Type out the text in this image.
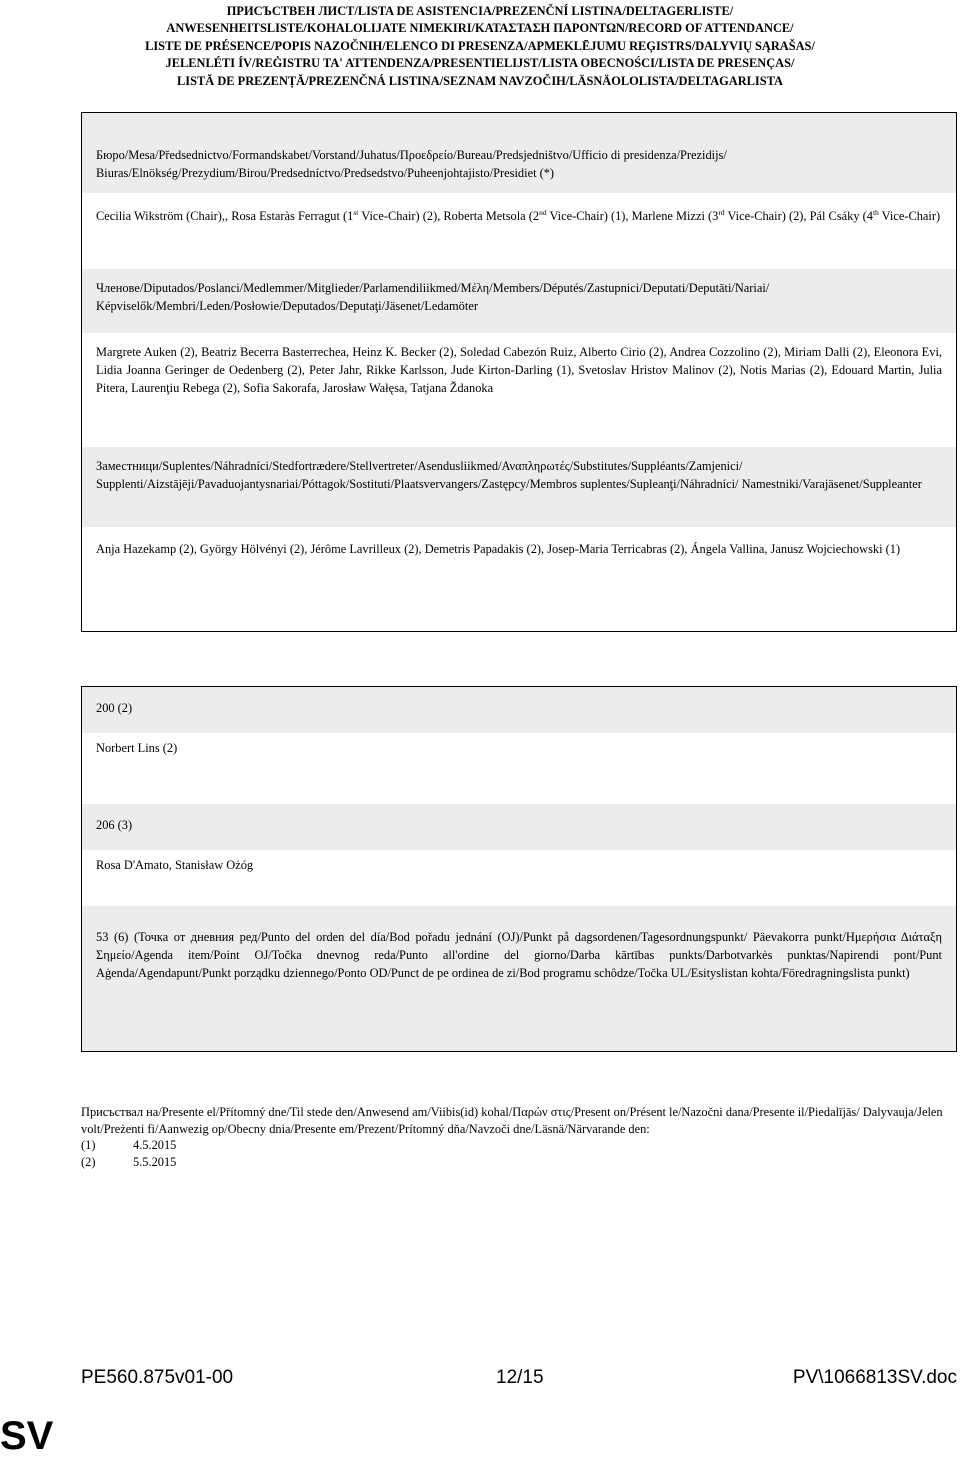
ПРИСЪСТВЕН ЛИСТ/LISTA DE ASISTENCIA/PREZENČNÍ LISTINA/DELTAGERLISTE/
ANWESENHEITSLISTE/KOHALOLIJATE NIMEKIRI/ΚΑΤΑΣΤΑΣΗ ΠΑΡΟΝΤΩΝ/RECORD OF ATTENDANCE/
LISTE DE PRÉSENCE/POPIS NAZOČNIH/ELENCO DI PRESENZA/APMEKLĒJUMU REĢISTRS/DALYVIŲ SĄRAŠAS/
JELENLÉTI ÍV/REĠISTRU TA' ATTENDENZA/PRESENTIELIJST/LISTA OBECNOŚCI/LISTA DE PRESENÇAS/
LISTĂ DE PREZENȚĂ/PREZENČNÁ LISTINA/SEZNAM NAVZOČIH/LÄSNÄOLOLISTA/DELTAGARLISTA
Бюро/Mesa/Předsednictvo/Formandskabet/Vorstand/Juhatus/Προεδρείο/Bureau/Predsjedništvo/Ufficio di presidenza/Prezidijs/ Biuras/Elnökség/Prezydium/Birou/Predsedníctvo/Predsedstvo/Puheenjohtajisto/Presidiet (*)
Cecilia Wikström (Chair),, Rosa Estaràs Ferragut (1st Vice-Chair) (2), Roberta Metsola (2nd Vice-Chair) (1), Marlene Mizzi (3rd Vice-Chair) (2), Pál Csáky (4th Vice-Chair)
Членове/Diputados/Poslanci/Medlemmer/Mitglieder/Parlamendiliikmed/Μέλη/Members/Députés/Zastupnici/Deputati/Deputāti/Nariai/ Képviselők/Membri/Leden/Posłowie/Deputados/Deputaţi/Jäsenet/Ledamöter
Margrete Auken (2), Beatriz Becerra Basterrechea, Heinz K. Becker (2), Soledad Cabezón Ruiz, Alberto Cirio (2), Andrea Cozzolino (2), Miriam Dalli (2), Eleonora Evi, Lidia Joanna Geringer de Oedenberg (2), Peter Jahr, Rikke Karlsson, Jude Kirton-Darling (1), Svetoslav Hristov Malinov (2), Notis Marias (2), Edouard Martin, Julia Pitera, Laurenţiu Rebega (2), Sofia Sakorafa, Jarosław Wałęsa, Tatjana Ždanoka
Заместници/Suplentes/Náhradníci/Stedfortrædere/Stellvertreter/Asendusliikmed/Αναπληρωτές/Substitutes/Suppléants/Zamjenici/ Supplenti/Aizstājēji/Pavaduojantysnariai/Póttagok/Sostituti/Plaatsvervangers/Zastępcy/Membros suplentes/Supleanţi/Náhradníci/ Namestniki/Varajäsenet/Suppleanter
Anja Hazekamp (2), György Hölvényi (2), Jérôme Lavrilleux (2), Demetris Papadakis (2), Josep-Maria Terricabras (2), Ángela Vallina, Janusz Wojciechowski (1)
200 (2)
Norbert Lins (2)
206 (3)
Rosa D'Amato, Stanisław Ożóg
53 (6) (Точка от дневния ред/Punto del orden del día/Bod pořadu jednání (OJ)/Punkt på dagsordenen/Tagesordnungspunkt/ Päevakorra punkt/Ημερήσια Διάταξη Σημείο/Agenda item/Point OJ/Točka dnevnog reda/Punto all'ordine del giorno/Darba kārtības punkts/Darbotvarkės punktas/Napirendi pont/Punt Aġenda/Agendapunt/Punkt porządku dziennego/Ponto OD/Punct de pe ordinea de zi/Bod programu schôdze/Točka UL/Esityslistan kohta/Föredragningslista punkt)
Присъствал на/Presente el/Přítomný dne/Til stede den/Anwesend am/Viibis(id) kohal/Παρών στις/Present on/Présent le/Nazočni dana/Presente il/Piedalījās/ Dalyvauja/Jelen volt/Preżenti fi/Aanwezig op/Obecny dnia/Presente em/Prezent/Prítomný dňa/Navzoči dne/Läsnä/Närvarande den:
(1)	4.5.2015
(2)	5.5.2015
PE560.875v01-00	12/15	PV\1066813SV.doc
SV
